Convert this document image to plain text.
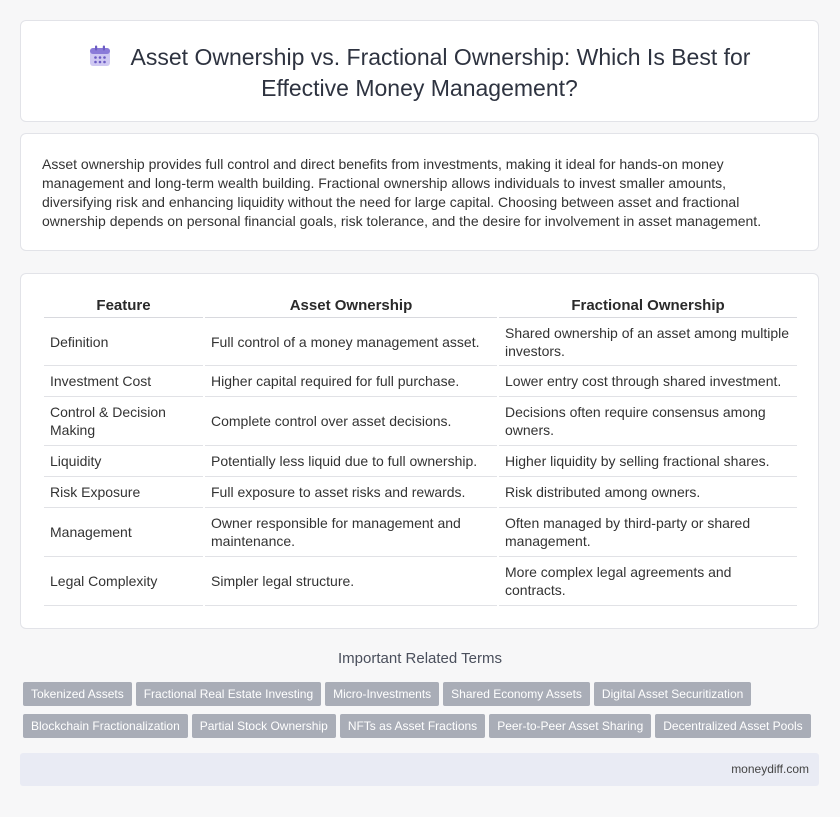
Asset Ownership vs. Fractional Ownership: Which Is Best for
Effective Money Management?
Asset ownership provides full control and direct benefits from investments, making it ideal for hands-on money management and long-term wealth building. Fractional ownership allows individuals to invest smaller amounts, diversifying risk and enhancing liquidity without the need for large capital. Choosing between asset and fractional ownership depends on personal financial goals, risk tolerance, and the desire for involvement in asset management.
Feature	Asset Ownership	Fractional Ownership
Definition	Full control of a money management asset.	Shared ownership of an asset among multiple investors.
Investment Cost	Higher capital required for full purchase.	Lower entry cost through shared investment.
Control & Decision Making	Complete control over asset decisions.	Decisions often require consensus among owners.
Liquidity	Potentially less liquid due to full ownership.	Higher liquidity by selling fractional shares.
Risk Exposure	Full exposure to asset risks and rewards.	Risk distributed among owners.
Management	Owner responsible for management and maintenance.	Often managed by third-party or shared management.
Legal Complexity	Simpler legal structure.	More complex legal agreements and contracts.
Important Related Terms
Tokenized Assets Fractional Real Estate Investing Micro-Investments Shared Economy Assets Digital Asset Securitization
Blockchain Fractionalization Partial Stock Ownership NFTs as Asset Fractions Peer-to-Peer Asset Sharing Decentralized Asset Pools
moneydiff.com
